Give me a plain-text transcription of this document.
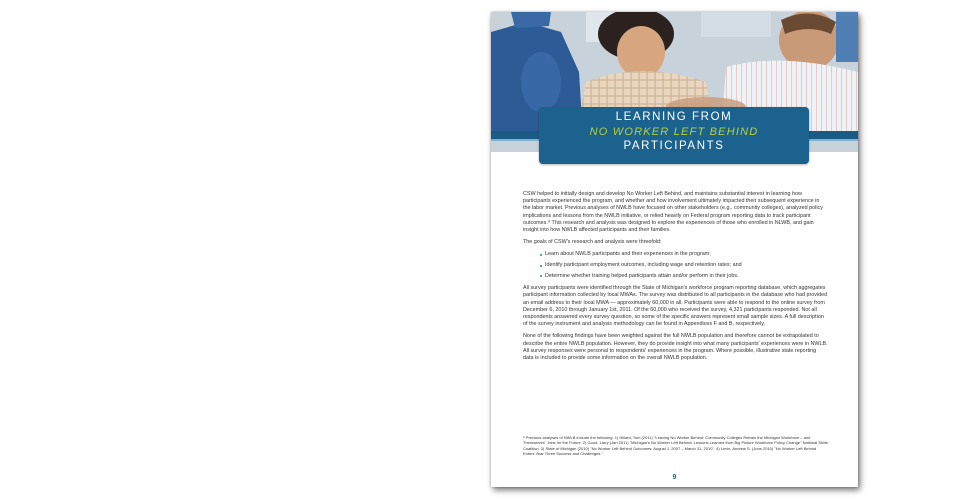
LEARNING FROM
NO WORKER LEFT BEHIND
PARTICIPANTS

CSW helped to initially design and develop No Worker Left Behind, and maintains substantial interest in learning how participants experienced the program, and whether and how involvement ultimately impacted their subsequent experience in the labor market. Previous analyses of NWLB have focused on other stakeholders (e.g., community colleges), analyzed policy implications and lessons from the NWLB initiative, or relied heavily on Federal program reporting data to track participant outcomes.⁸ This research and analysis was designed to explore the experiences of those who enrolled in NLWB, and gain insight into how NWLB affected participants and their families.

The goals of CSW's research and analysis were threefold:

Learn about NWLB participants and their experiences in the program;
Identify participant employment outcomes, including wage and retention rates; and
Determine whether training helped participants attain and/or perform in their jobs.

All survey participants were identified through the State of Michigan's workforce program reporting database, which aggregates participant information collected by local MWAs. The survey was distributed to all participants in the database who had provided an email address to their local MWA — approximately 60,000 in all. Participants were able to respond to the online survey from December 6, 2010 through January 1st, 2011. Of the 60,000 who received the survey, 4,321 participants responded. Not all respondents answered every survey question, so some of the specific answers represent small sample sizes. A full description of the survey instrument and analysis methodology can be found in Appendices F and B, respectively.

None of the following findings have been weighted against the full NWLB population and therefore cannot be extrapolated to describe the entire NWLB population. However, they do provide insight into what many participants' experiences were in NWLB. All survey responses were personal to respondents' experiences in the program. Where possible, illustrative state reporting data is included to provide some information on the overall NWLB population.

⁸ Previous analyses of NWLB include the following: 1) Hillard, Tom (2011) "Leaving No Worker Behind: Community Colleges Retrain the Michigan Workforce – and Themselves" Jobs for the Future. 2) Good, Larry (Jan 2011) "Michigan's No Worker Left Behind: Lessons Learned from Big Picture Workforce Policy Change" National Skills Coalition. 3) State of Michigan (2010) "No Worker Left Behind Outcomes: August 1, 2007 – March 31, 2010". 4) Levin, Andrew S. (June 2010) "No Worker Left Behind Enters Year Three Success and Challenges."
9
